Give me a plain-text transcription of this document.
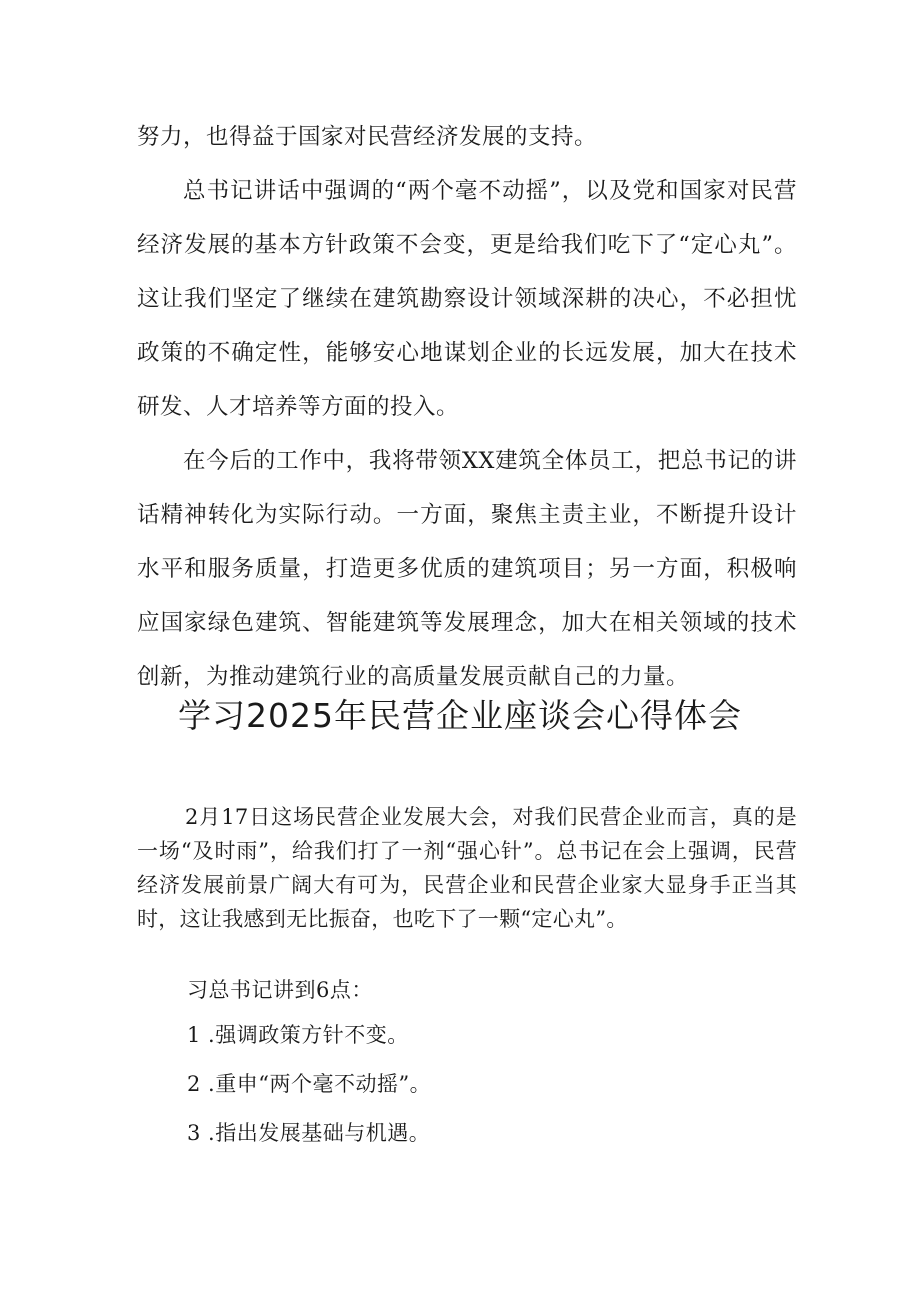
努力，也得益于国家对民营经济发展的支持。

总书记讲话中强调的“两个毫不动摇”，以及党和国家对民营经济发展的基本方针政策不会变，更是给我们吃下了“定心丸”。这让我们坚定了继续在建筑勘察设计领域深耕的决心，不必担忧政策的不确定性，能够安心地谋划企业的长远发展，加大在技术研发、人才培养等方面的投入。

在今后的工作中，我将带领XX建筑全体员工，把总书记的讲话精神转化为实际行动。一方面，聚焦主责主业，不断提升设计水平和服务质量，打造更多优质的建筑项目；另一方面，积极响应国家绿色建筑、智能建筑等发展理念，加大在相关领域的技术创新，为推动建筑行业的高质量发展贡献自己的力量。

学习2025年民营企业座谈会心得体会

2月17日这场民营企业发展大会，对我们民营企业而言，真的是一场“及时雨”，给我们打了一剂“强心针”。总书记在会上强调，民营经济发展前景广阔大有可为，民营企业和民营企业家大显身手正当其时，这让我感到无比振奋，也吃下了一颗“定心丸”。

习总书记讲到6点：

1 .强调政策方针不变。

2 .重申“两个毫不动摇”。

3 .指出发展基础与机遇。
